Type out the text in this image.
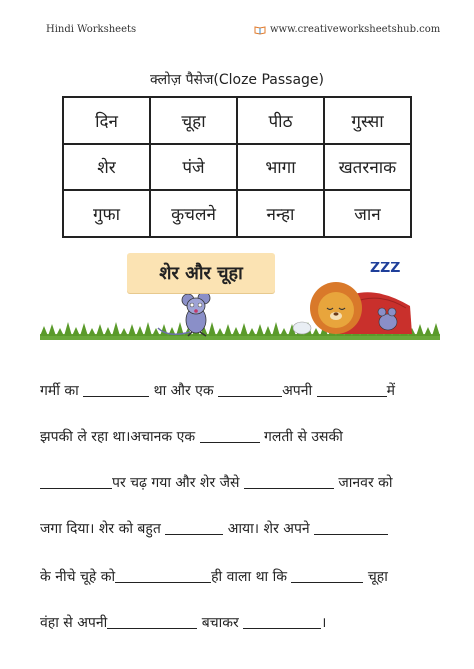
Hindi Worksheets	www.creativeworksheetshub.com
क्लोज़ पैसेज(Cloze Passage)
दिन	चूहा	पीठ	गुस्सा
शेर	पंजे	भागा	खतरनाक
गुफा	कुचलने	नन्हा	जान
ZZZ
शेर और चूहा
गर्मी का	था और एक	अपनी	में
झपकी ले रहा था।अचानक एक	गलती से उसकी
पर चढ़ गया और शेर जैसे	जानवर को
जगा दिया। शेर को बहुत	आया। शेर अपने
के नीचे चूहे को	ही वाला था कि	चूहा
वंहा से अपनी	बचाकर	।
